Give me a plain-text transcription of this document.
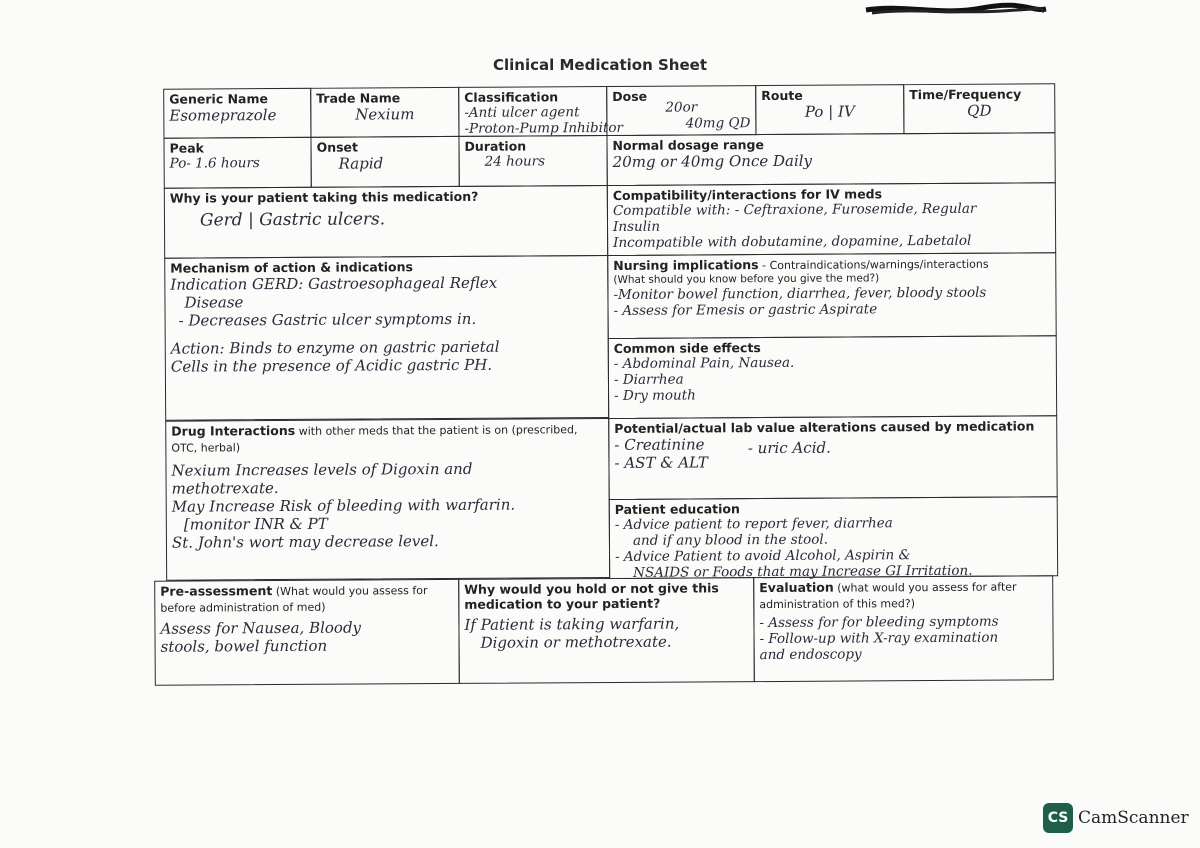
Clinical Medication Sheet
Generic Name
Esomeprazole
Trade Name
Nexium
Classification
-Anti ulcer agent
-Proton-Pump Inhibitor
Dose
20or
40mg QD
Route
Po | IV
Time/Frequency
QD
Peak
Po- 1.6 hours
Onset
Rapid
Duration
24 hours
Normal dosage range
20mg or 40mg Once Daily
Why is your patient taking this medication?
Gerd | Gastric ulcers.
Compatibility/interactions for IV meds
Compatible with: - Ceftraxione, Furosemide, Regular
Insulin
Incompatible with dobutamine, dopamine, Labetalol
Mechanism of action & indications
Indication GERD: Gastroesophageal Reflex
Disease
- Decreases Gastric ulcer symptoms in.
Action: Binds to enzyme on gastric parietal
Cells in the presence of Acidic gastric PH.
Nursing implications - Contraindications/warnings/interactions
(What should you know before you give the med?)
-Monitor bowel function, diarrhea, fever, bloody stools
- Assess for Emesis or gastric Aspirate
Common side effects
- Abdominal Pain, Nausea.
- Diarrhea
- Dry mouth
Drug Interactions with other meds that the patient is on (prescribed, OTC, herbal)
Nexium Increases levels of Digoxin and
methotrexate.
May Increase Risk of bleeding with warfarin.
[monitor INR & PT
St. John's wort may decrease level.
Potential/actual lab value alterations caused by medication
- Creatinine
- AST & ALT
- uric Acid.
Patient education
- Advice patient to report fever, diarrhea
and if any blood in the stool.
- Advice Patient to avoid Alcohol, Aspirin &
NSAIDS or Foods that may Increase GI Irritation.
Pre-assessment (What would you assess for before administration of med)
Assess for Nausea, Bloody
stools, bowel function
Why would you hold or not give this medication to your patient?
If Patient is taking warfarin,
Digoxin or methotrexate.
Evaluation (what would you assess for after administration of this med?)
- Assess for for bleeding symptoms
- Follow-up with X-ray examination
and endoscopy
CS CamScanner
